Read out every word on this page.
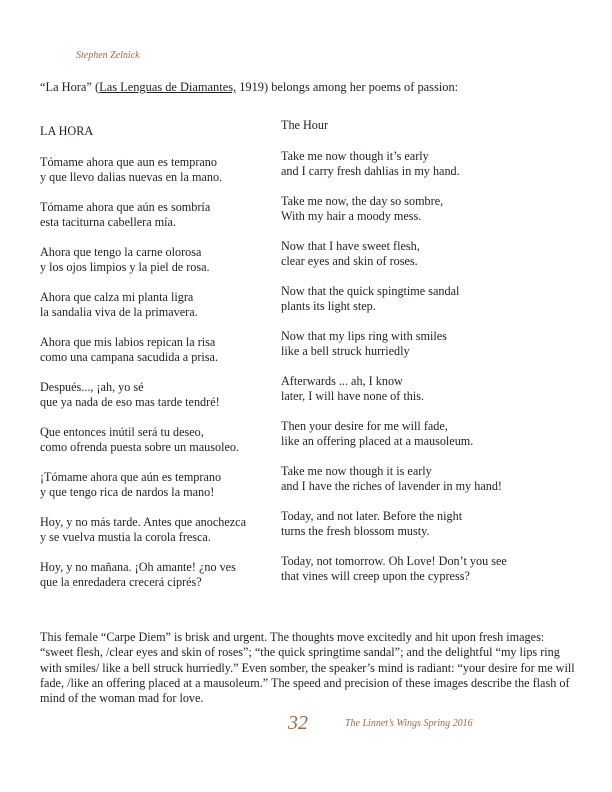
Stephen Zelnick
“La Hora” (Las Lenguas de Diamantes, 1919) belongs among her poems of passion:
LA HORA
Tómame ahora que aun es temprano
y que llevo dalias nuevas en la mano.
Tómame ahora que aún es sombría
esta taciturna cabellera mía.
Ahora que tengo la carne olorosa
y los ojos limpios y la piel de rosa.
Ahora que calza mi planta ligra
la sandalia viva de la primavera.
Ahora que mis labios repican la risa
como una campana sacudida a prisa.
Después..., ¡ah, yo sé
que ya nada de eso mas tarde tendré!
Que entonces inútil será tu deseo,
como ofrenda puesta sobre un mausoleo.
¡Tómame ahora que aún es temprano
y que tengo rica de nardos la mano!
Hoy, y no más tarde. Antes que anochezca
y se vuelva mustia la corola fresca.
Hoy, y no mañana. ¡Oh amante! ¿no ves
que la enredadera crecerá ciprés?
The Hour
Take me now though it’s early
and I carry fresh dahlias in my hand.
Take me now, the day so sombre,
With my hair a moody mess.
Now that I have sweet flesh,
clear eyes and skin of roses.
Now that the quick spingtime sandal
plants its light step.
Now that my lips ring with smiles
like a bell struck hurriedly
Afterwards ... ah, I know
later, I will have none of this.
Then your desire for me will fade,
like an offering placed at a mausoleum.
Take me now though it is early
and I have the riches of lavender in my hand!
Today, and not later. Before the night
turns the fresh blossom musty.
Today, not tomorrow. Oh Love! Don’t you see
that vines will creep upon the cypress?
This female “Carpe Diem” is brisk and urgent. The thoughts move excitedly and hit upon fresh images:
“sweet flesh, /clear eyes and skin of roses”; “the quick springtime sandal”; and the delightful “my lips ring
with smiles/ like a bell struck hurriedly.” Even somber, the speaker’s mind is radiant: “your desire for me will
fade, /like an offering placed at a mausoleum.” The speed and precision of these images describe the flash of
mind of the woman mad for love.
32	The Linnet’s Wings Spring 2016
